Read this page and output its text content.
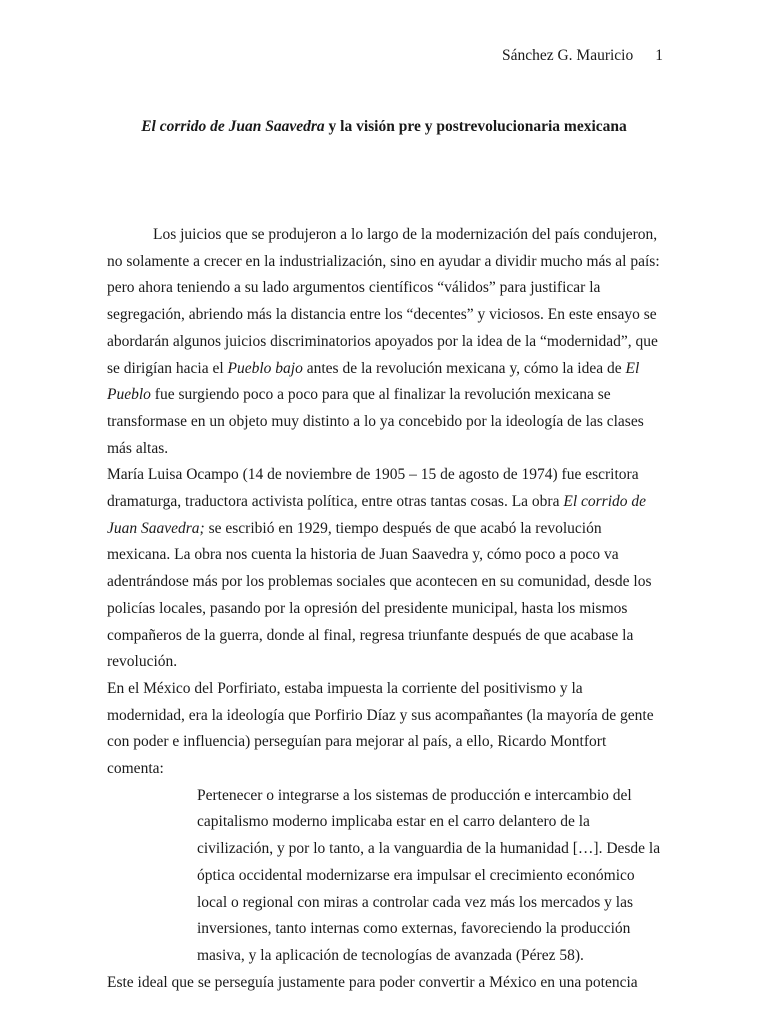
Sánchez G. Mauricio 1
El corrido de Juan Saavedra y la visión pre y postrevolucionaria mexicana

Los juicios que se produjeron a lo largo de la modernización del país condujeron, no solamente a crecer en la industrialización, sino en ayudar a dividir mucho más al país: pero ahora teniendo a su lado argumentos científicos “válidos” para justificar la segregación, abriendo más la distancia entre los “decentes” y viciosos. En este ensayo se abordarán algunos juicios discriminatorios apoyados por la idea de la “modernidad”, que se dirigían hacia el Pueblo bajo antes de la revolución mexicana y, cómo la idea de El Pueblo fue surgiendo poco a poco para que al finalizar la revolución mexicana se transformase en un objeto muy distinto a lo ya concebido por la ideología de las clases más altas.

María Luisa Ocampo (14 de noviembre de 1905 – 15 de agosto de 1974) fue escritora dramaturga, traductora activista política, entre otras tantas cosas. La obra El corrido de Juan Saavedra; se escribió en 1929, tiempo después de que acabó la revolución mexicana. La obra nos cuenta la historia de Juan Saavedra y, cómo poco a poco va adentrándose más por los problemas sociales que acontecen en su comunidad, desde los policías locales, pasando por la opresión del presidente municipal, hasta los mismos compañeros de la guerra, donde al final, regresa triunfante después de que acabase la revolución.

En el México del Porfiriato, estaba impuesta la corriente del positivismo y la modernidad, era la ideología que Porfirio Díaz y sus acompañantes (la mayoría de gente con poder e influencia) perseguían para mejorar al país, a ello, Ricardo Montfort comenta:

Pertenecer o integrarse a los sistemas de producción e intercambio del capitalismo moderno implicaba estar en el carro delantero de la civilización, y por lo tanto, a la vanguardia de la humanidad […]. Desde la óptica occidental modernizarse era impulsar el crecimiento económico local o regional con miras a controlar cada vez más los mercados y las inversiones, tanto internas como externas, favoreciendo la producción masiva, y la aplicación de tecnologías de avanzada (Pérez 58).

Este ideal que se perseguía justamente para poder convertir a México en una potencia
